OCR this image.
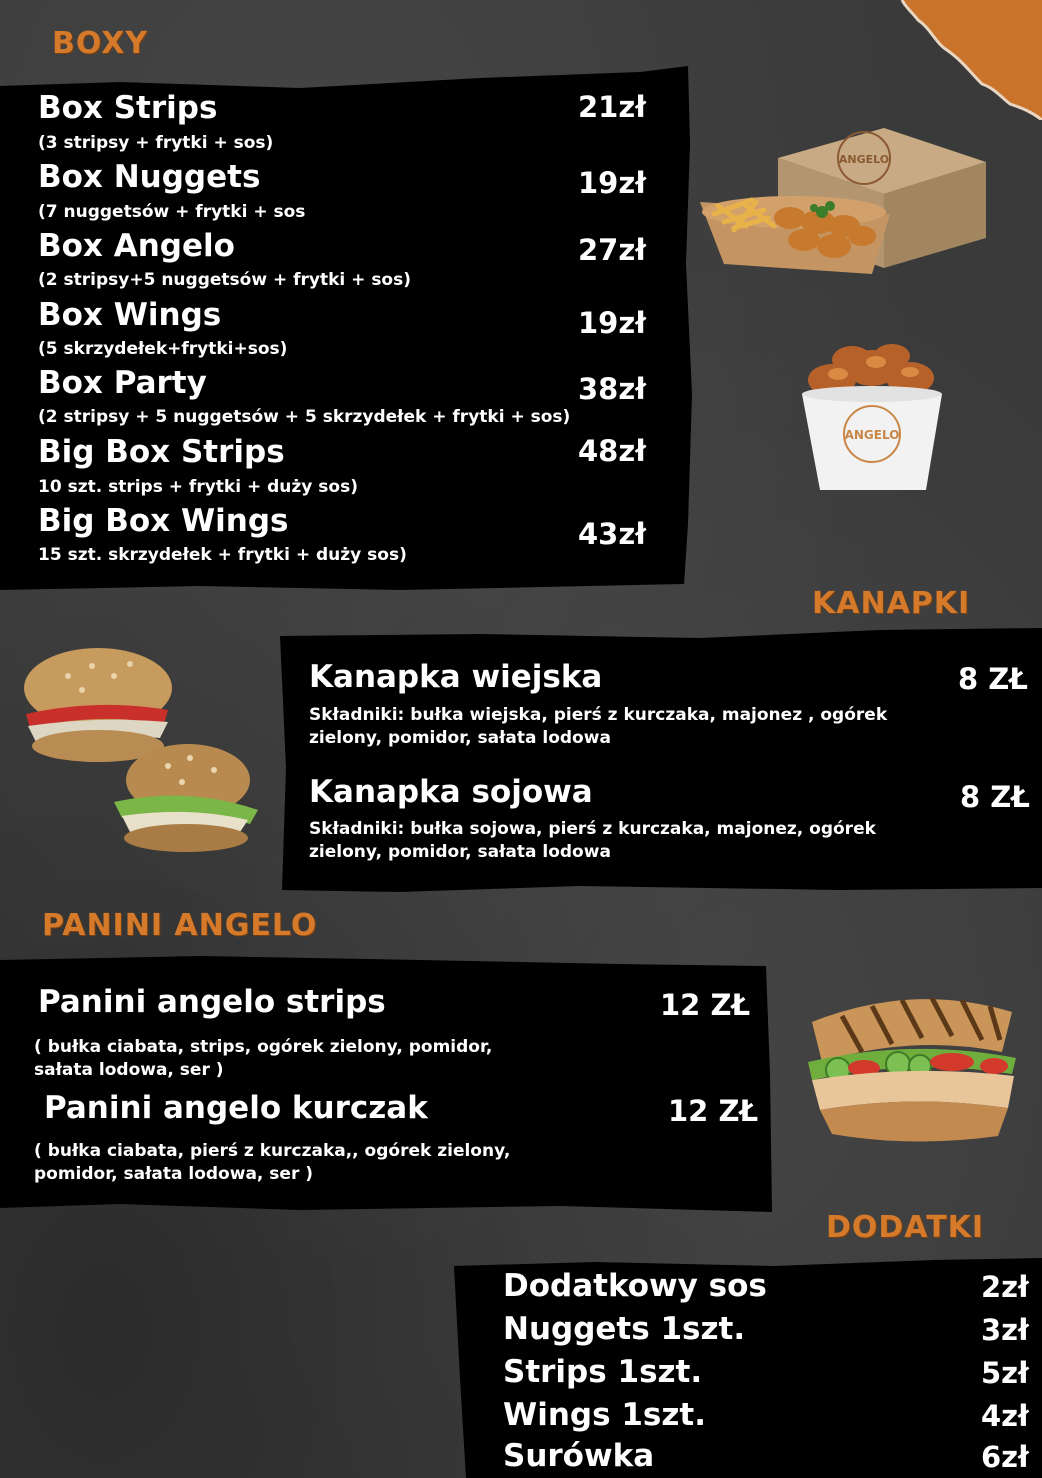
BOXY
Box Strips
(3 stripsy + frytki + sos)
21zł
Box Nuggets
(7 nuggetsów + frytki + sos
19zł
Box Angelo
(2 stripsy+5 nuggetsów + frytki + sos)
27zł
Box Wings
(5 skrzydełek+frytki+sos)
19zł
Box Party
(2 stripsy + 5 nuggetsów + 5 skrzydełek + frytki + sos)
38zł
Big Box Strips
10 szt. strips + frytki + duży sos)
48zł
Big Box Wings
15 szt. skrzydełek + frytki + duży sos)
43zł
ANGELO
ANGELO
KANAPKI
Kanapka wiejska
Składniki: bułka wiejska, pierś z kurczaka, majonez , ogórek zielony, pomidor, sałata lodowa
8 ZŁ
Kanapka sojowa
Składniki: bułka sojowa, pierś z kurczaka, majonez, ogórek zielony, pomidor, sałata lodowa
8 ZŁ
PANINI ANGELO
Panini angelo strips
( bułka ciabata, strips, ogórek zielony, pomidor, sałata lodowa, ser )
12 ZŁ
Panini angelo kurczak
( bułka ciabata, pierś z kurczaka,, ogórek zielony, pomidor, sałata lodowa, ser )
12 ZŁ
DODATKI
Dodatkowy sos	2zł
Nuggets 1szt.	3zł
Strips 1szt.	5zł
Wings 1szt.	4zł
Surówka	6zł
